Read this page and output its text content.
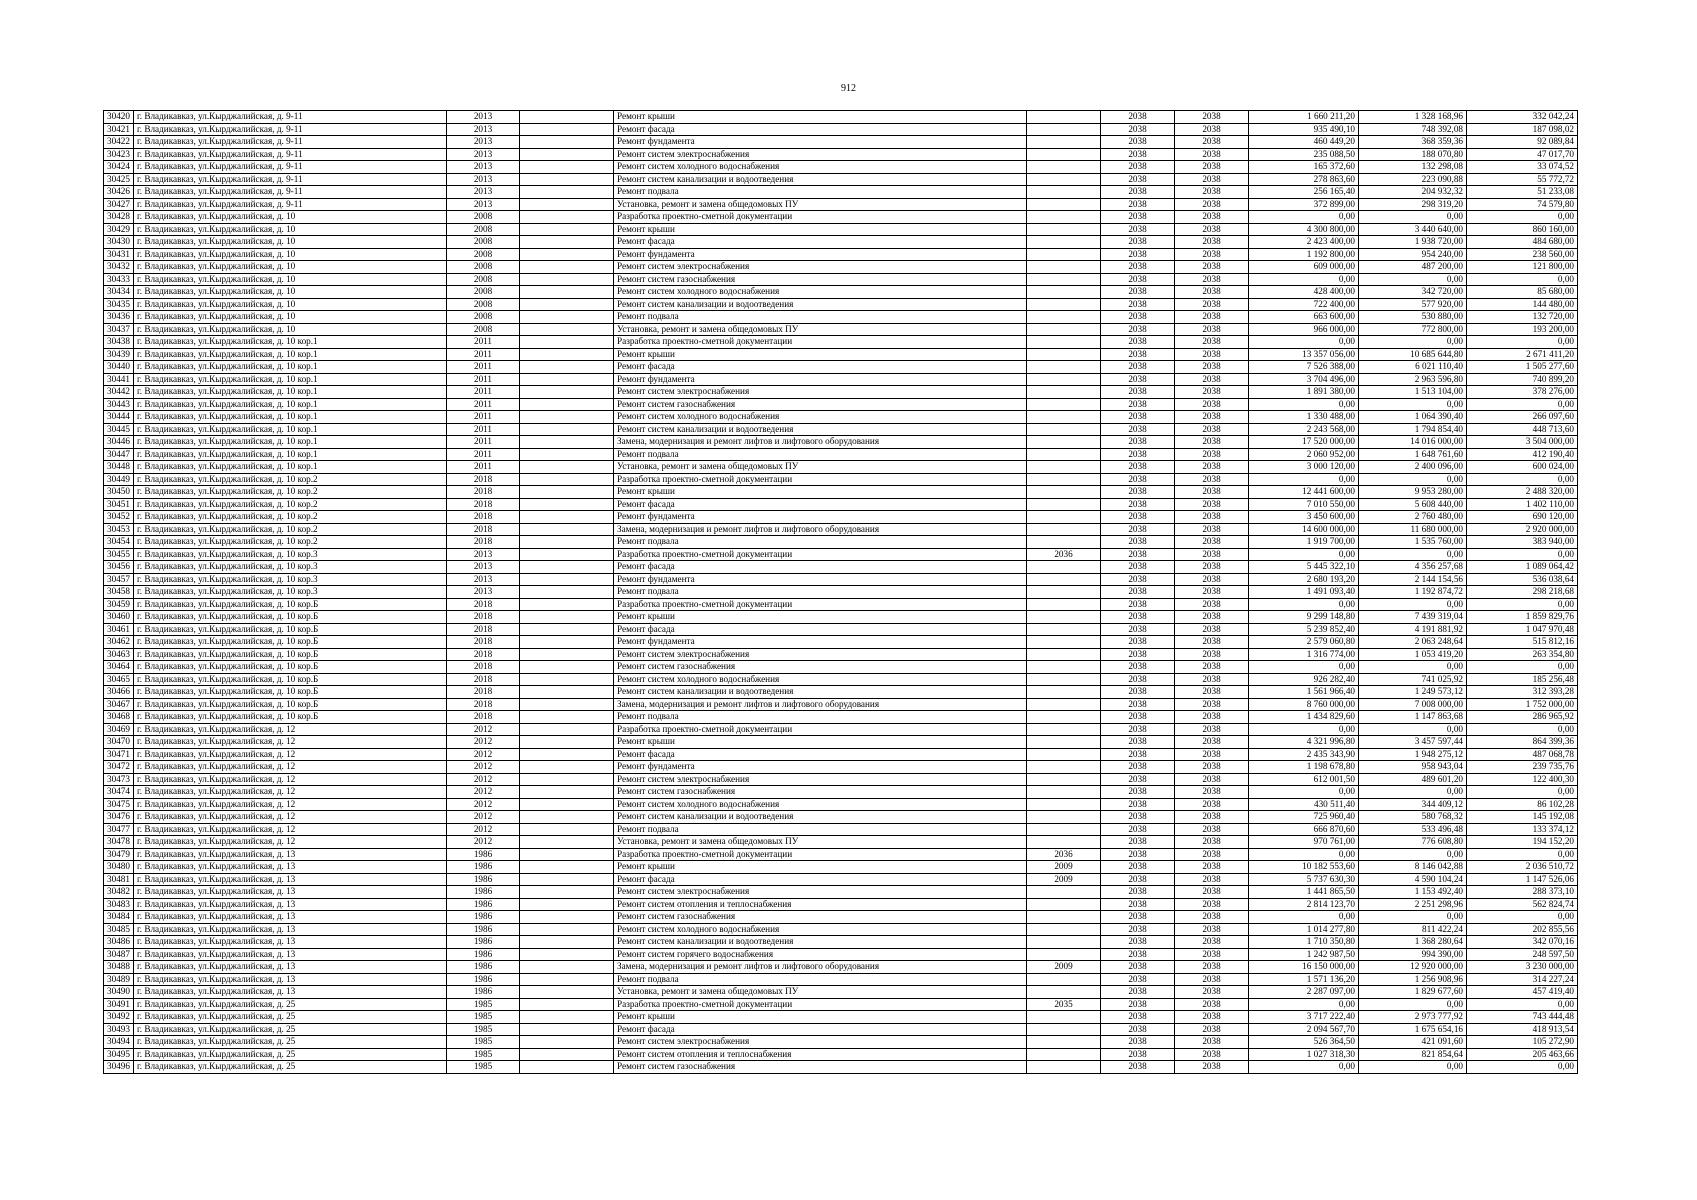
912
30420	г. Владикавказ, ул.Кырджалийская, д. 9-11	2013		Ремонт крыши		2038	2038	1 660 211,20	1 328 168,96	332 042,24
30421	г. Владикавказ, ул.Кырджалийская, д. 9-11	2013		Ремонт фасада		2038	2038	935 490,10	748 392,08	187 098,02
30422	г. Владикавказ, ул.Кырджалийская, д. 9-11	2013		Ремонт фундамента		2038	2038	460 449,20	368 359,36	92 089,84
30423	г. Владикавказ, ул.Кырджалийская, д. 9-11	2013		Ремонт систем электроснабжения		2038	2038	235 088,50	188 070,80	47 017,70
30424	г. Владикавказ, ул.Кырджалийская, д. 9-11	2013		Ремонт систем холодного водоснабжения		2038	2038	165 372,60	132 298,08	33 074,52
30425	г. Владикавказ, ул.Кырджалийская, д. 9-11	2013		Ремонт систем канализации и водоотведения		2038	2038	278 863,60	223 090,88	55 772,72
30426	г. Владикавказ, ул.Кырджалийская, д. 9-11	2013		Ремонт подвала		2038	2038	256 165,40	204 932,32	51 233,08
30427	г. Владикавказ, ул.Кырджалийская, д. 9-11	2013		Установка, ремонт и замена общедомовых ПУ		2038	2038	372 899,00	298 319,20	74 579,80
30428	г. Владикавказ, ул.Кырджалийская, д. 10	2008		Разработка проектно-сметной документации		2038	2038	0,00	0,00	0,00
30429	г. Владикавказ, ул.Кырджалийская, д. 10	2008		Ремонт крыши		2038	2038	4 300 800,00	3 440 640,00	860 160,00
30430	г. Владикавказ, ул.Кырджалийская, д. 10	2008		Ремонт фасада		2038	2038	2 423 400,00	1 938 720,00	484 680,00
30431	г. Владикавказ, ул.Кырджалийская, д. 10	2008		Ремонт фундамента		2038	2038	1 192 800,00	954 240,00	238 560,00
30432	г. Владикавказ, ул.Кырджалийская, д. 10	2008		Ремонт систем электроснабжения		2038	2038	609 000,00	487 200,00	121 800,00
30433	г. Владикавказ, ул.Кырджалийская, д. 10	2008		Ремонт систем газоснабжения		2038	2038	0,00	0,00	0,00
30434	г. Владикавказ, ул.Кырджалийская, д. 10	2008		Ремонт систем холодного водоснабжения		2038	2038	428 400,00	342 720,00	85 680,00
30435	г. Владикавказ, ул.Кырджалийская, д. 10	2008		Ремонт систем канализации и водоотведения		2038	2038	722 400,00	577 920,00	144 480,00
30436	г. Владикавказ, ул.Кырджалийская, д. 10	2008		Ремонт подвала		2038	2038	663 600,00	530 880,00	132 720,00
30437	г. Владикавказ, ул.Кырджалийская, д. 10	2008		Установка, ремонт и замена общедомовых ПУ		2038	2038	966 000,00	772 800,00	193 200,00
30438	г. Владикавказ, ул.Кырджалийская, д. 10 кор.1	2011		Разработка проектно-сметной документации		2038	2038	0,00	0,00	0,00
30439	г. Владикавказ, ул.Кырджалийская, д. 10 кор.1	2011		Ремонт крыши		2038	2038	13 357 056,00	10 685 644,80	2 671 411,20
30440	г. Владикавказ, ул.Кырджалийская, д. 10 кор.1	2011		Ремонт фасада		2038	2038	7 526 388,00	6 021 110,40	1 505 277,60
30441	г. Владикавказ, ул.Кырджалийская, д. 10 кор.1	2011		Ремонт фундамента		2038	2038	3 704 496,00	2 963 596,80	740 899,20
30442	г. Владикавказ, ул.Кырджалийская, д. 10 кор.1	2011		Ремонт систем электроснабжения		2038	2038	1 891 380,00	1 513 104,00	378 276,00
30443	г. Владикавказ, ул.Кырджалийская, д. 10 кор.1	2011		Ремонт систем газоснабжения		2038	2038	0,00	0,00	0,00
30444	г. Владикавказ, ул.Кырджалийская, д. 10 кор.1	2011		Ремонт систем холодного водоснабжения		2038	2038	1 330 488,00	1 064 390,40	266 097,60
30445	г. Владикавказ, ул.Кырджалийская, д. 10 кор.1	2011		Ремонт систем канализации и водоотведения		2038	2038	2 243 568,00	1 794 854,40	448 713,60
30446	г. Владикавказ, ул.Кырджалийская, д. 10 кор.1	2011		Замена, модернизация и ремонт лифтов и лифтового оборудования		2038	2038	17 520 000,00	14 016 000,00	3 504 000,00
30447	г. Владикавказ, ул.Кырджалийская, д. 10 кор.1	2011		Ремонт подвала		2038	2038	2 060 952,00	1 648 761,60	412 190,40
30448	г. Владикавказ, ул.Кырджалийская, д. 10 кор.1	2011		Установка, ремонт и замена общедомовых ПУ		2038	2038	3 000 120,00	2 400 096,00	600 024,00
30449	г. Владикавказ, ул.Кырджалийская, д. 10 кор.2	2018		Разработка проектно-сметной документации		2038	2038	0,00	0,00	0,00
30450	г. Владикавказ, ул.Кырджалийская, д. 10 кор.2	2018		Ремонт крыши		2038	2038	12 441 600,00	9 953 280,00	2 488 320,00
30451	г. Владикавказ, ул.Кырджалийская, д. 10 кор.2	2018		Ремонт фасада		2038	2038	7 010 550,00	5 608 440,00	1 402 110,00
30452	г. Владикавказ, ул.Кырджалийская, д. 10 кор.2	2018		Ремонт фундамента		2038	2038	3 450 600,00	2 760 480,00	690 120,00
30453	г. Владикавказ, ул.Кырджалийская, д. 10 кор.2	2018		Замена, модернизация и ремонт лифтов и лифтового оборудования		2038	2038	14 600 000,00	11 680 000,00	2 920 000,00
30454	г. Владикавказ, ул.Кырджалийская, д. 10 кор.2	2018		Ремонт подвала		2038	2038	1 919 700,00	1 535 760,00	383 940,00
30455	г. Владикавказ, ул.Кырджалийская, д. 10 кор.3	2013		Разработка проектно-сметной документации	2036	2038	2038	0,00	0,00	0,00
30456	г. Владикавказ, ул.Кырджалийская, д. 10 кор.3	2013		Ремонт фасада		2038	2038	5 445 322,10	4 356 257,68	1 089 064,42
30457	г. Владикавказ, ул.Кырджалийская, д. 10 кор.3	2013		Ремонт фундамента		2038	2038	2 680 193,20	2 144 154,56	536 038,64
30458	г. Владикавказ, ул.Кырджалийская, д. 10 кор.3	2013		Ремонт подвала		2038	2038	1 491 093,40	1 192 874,72	298 218,68
30459	г. Владикавказ, ул.Кырджалийская, д. 10 кор.Б	2018		Разработка проектно-сметной документации		2038	2038	0,00	0,00	0,00
30460	г. Владикавказ, ул.Кырджалийская, д. 10 кор.Б	2018		Ремонт крыши		2038	2038	9 299 148,80	7 439 319,04	1 859 829,76
30461	г. Владикавказ, ул.Кырджалийская, д. 10 кор.Б	2018		Ремонт фасада		2038	2038	5 239 852,40	4 191 881,92	1 047 970,48
30462	г. Владикавказ, ул.Кырджалийская, д. 10 кор.Б	2018		Ремонт фундамента		2038	2038	2 579 060,80	2 063 248,64	515 812,16
30463	г. Владикавказ, ул.Кырджалийская, д. 10 кор.Б	2018		Ремонт систем электроснабжения		2038	2038	1 316 774,00	1 053 419,20	263 354,80
30464	г. Владикавказ, ул.Кырджалийская, д. 10 кор.Б	2018		Ремонт систем газоснабжения		2038	2038	0,00	0,00	0,00
30465	г. Владикавказ, ул.Кырджалийская, д. 10 кор.Б	2018		Ремонт систем холодного водоснабжения		2038	2038	926 282,40	741 025,92	185 256,48
30466	г. Владикавказ, ул.Кырджалийская, д. 10 кор.Б	2018		Ремонт систем канализации и водоотведения		2038	2038	1 561 966,40	1 249 573,12	312 393,28
30467	г. Владикавказ, ул.Кырджалийская, д. 10 кор.Б	2018		Замена, модернизация и ремонт лифтов и лифтового оборудования		2038	2038	8 760 000,00	7 008 000,00	1 752 000,00
30468	г. Владикавказ, ул.Кырджалийская, д. 10 кор.Б	2018		Ремонт подвала		2038	2038	1 434 829,60	1 147 863,68	286 965,92
30469	г. Владикавказ, ул.Кырджалийская, д. 12	2012		Разработка проектно-сметной документации		2038	2038	0,00	0,00	0,00
30470	г. Владикавказ, ул.Кырджалийская, д. 12	2012		Ремонт крыши		2038	2038	4 321 996,80	3 457 597,44	864 399,36
30471	г. Владикавказ, ул.Кырджалийская, д. 12	2012		Ремонт фасада		2038	2038	2 435 343,90	1 948 275,12	487 068,78
30472	г. Владикавказ, ул.Кырджалийская, д. 12	2012		Ремонт фундамента		2038	2038	1 198 678,80	958 943,04	239 735,76
30473	г. Владикавказ, ул.Кырджалийская, д. 12	2012		Ремонт систем электроснабжения		2038	2038	612 001,50	489 601,20	122 400,30
30474	г. Владикавказ, ул.Кырджалийская, д. 12	2012		Ремонт систем газоснабжения		2038	2038	0,00	0,00	0,00
30475	г. Владикавказ, ул.Кырджалийская, д. 12	2012		Ремонт систем холодного водоснабжения		2038	2038	430 511,40	344 409,12	86 102,28
30476	г. Владикавказ, ул.Кырджалийская, д. 12	2012		Ремонт систем канализации и водоотведения		2038	2038	725 960,40	580 768,32	145 192,08
30477	г. Владикавказ, ул.Кырджалийская, д. 12	2012		Ремонт подвала		2038	2038	666 870,60	533 496,48	133 374,12
30478	г. Владикавказ, ул.Кырджалийская, д. 12	2012		Установка, ремонт и замена общедомовых ПУ		2038	2038	970 761,00	776 608,80	194 152,20
30479	г. Владикавказ, ул.Кырджалийская, д. 13	1986		Разработка проектно-сметной документации	2036	2038	2038	0,00	0,00	0,00
30480	г. Владикавказ, ул.Кырджалийская, д. 13	1986		Ремонт крыши	2009	2038	2038	10 182 553,60	8 146 042,88	2 036 510,72
30481	г. Владикавказ, ул.Кырджалийская, д. 13	1986		Ремонт фасада	2009	2038	2038	5 737 630,30	4 590 104,24	1 147 526,06
30482	г. Владикавказ, ул.Кырджалийская, д. 13	1986		Ремонт систем электроснабжения		2038	2038	1 441 865,50	1 153 492,40	288 373,10
30483	г. Владикавказ, ул.Кырджалийская, д. 13	1986		Ремонт систем отопления и теплоснабжения		2038	2038	2 814 123,70	2 251 298,96	562 824,74
30484	г. Владикавказ, ул.Кырджалийская, д. 13	1986		Ремонт систем газоснабжения		2038	2038	0,00	0,00	0,00
30485	г. Владикавказ, ул.Кырджалийская, д. 13	1986		Ремонт систем холодного водоснабжения		2038	2038	1 014 277,80	811 422,24	202 855,56
30486	г. Владикавказ, ул.Кырджалийская, д. 13	1986		Ремонт систем канализации и водоотведения		2038	2038	1 710 350,80	1 368 280,64	342 070,16
30487	г. Владикавказ, ул.Кырджалийская, д. 13	1986		Ремонт систем горячего водоснабжения		2038	2038	1 242 987,50	994 390,00	248 597,50
30488	г. Владикавказ, ул.Кырджалийская, д. 13	1986		Замена, модернизация и ремонт лифтов и лифтового оборудования	2009	2038	2038	16 150 000,00	12 920 000,00	3 230 000,00
30489	г. Владикавказ, ул.Кырджалийская, д. 13	1986		Ремонт подвала		2038	2038	1 571 136,20	1 256 908,96	314 227,24
30490	г. Владикавказ, ул.Кырджалийская, д. 13	1986		Установка, ремонт и замена общедомовых ПУ		2038	2038	2 287 097,00	1 829 677,60	457 419,40
30491	г. Владикавказ, ул.Кырджалийская, д. 25	1985		Разработка проектно-сметной документации	2035	2038	2038	0,00	0,00	0,00
30492	г. Владикавказ, ул.Кырджалийская, д. 25	1985		Ремонт крыши		2038	2038	3 717 222,40	2 973 777,92	743 444,48
30493	г. Владикавказ, ул.Кырджалийская, д. 25	1985		Ремонт фасада		2038	2038	2 094 567,70	1 675 654,16	418 913,54
30494	г. Владикавказ, ул.Кырджалийская, д. 25	1985		Ремонт систем электроснабжения		2038	2038	526 364,50	421 091,60	105 272,90
30495	г. Владикавказ, ул.Кырджалийская, д. 25	1985		Ремонт систем отопления и теплоснабжения		2038	2038	1 027 318,30	821 854,64	205 463,66
30496	г. Владикавказ, ул.Кырджалийская, д. 25	1985		Ремонт систем газоснабжения		2038	2038	0,00	0,00	0,00
